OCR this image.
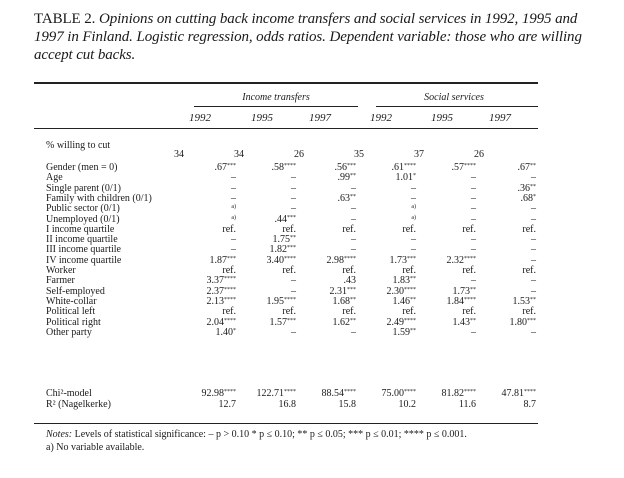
TABLE 2. Opinions on cutting back income transfers and social services in 1992, 1995 and 1997 in Finland. Logistic regression, odds ratios. Dependent variable: those who are willing accept cut backs.
Income transfers	Social services
1992	1995	1997	1992	1995	1997
% willing to cut
34	34	26	35	37	26
Gender (men = 0)	.67***	.58****	.56***	.61****	.57****	.67**
Age	–	–	.99**	1.01*	–	–
Single parent (0/1)	–	–	–	–	–	.36**
Family with children (0/1)	–	–	.63**	–	–	.68*
Public sector (0/1)	$^{a)}$	–	–	$^{a)}$	–	–
Unemployed (0/1)	$^{a)}$	.44***	–	$^{a)}$	–	–
I income quartile	ref.	ref.	ref.	ref.	ref.	ref.
II income quartile	–	1.75**	–	–	–	–
III income quartile	–	1.82***	–	–	–	–
IV income quartile	1.87***	3.40****	2.98****	1.73***	2.32****	–
Worker	ref.	ref.	ref.	ref.	ref.	ref.
Farmer	3.37****	–	.43	1.83**	–	–
Self-employed	2.37****	–	2.31***	2.30****	1.73**	–
White-collar	2.13****	1.95****	1.68**	1.46**	1.84****	1.53**
Political left	ref.	ref.	ref.	ref.	ref.	ref.
Political right	2.04****	1.57***	1.62**	2.49****	1.43**	1.80***
Other party	1.40*	–	–	1.59**	–	–
Chi²-model	92.98****	122.71****	88.54****	75.00****	81.82****	47.81****
R² (Nagelkerke)	12.7	16.8	15.8	10.2	11.6	8.7
Notes: Levels of statistical significance: – p > 0.10 * p ≤ 0.10; ** p ≤ 0.05; *** p ≤ 0.01; **** p ≤ 0.001.
a) No variable available.
